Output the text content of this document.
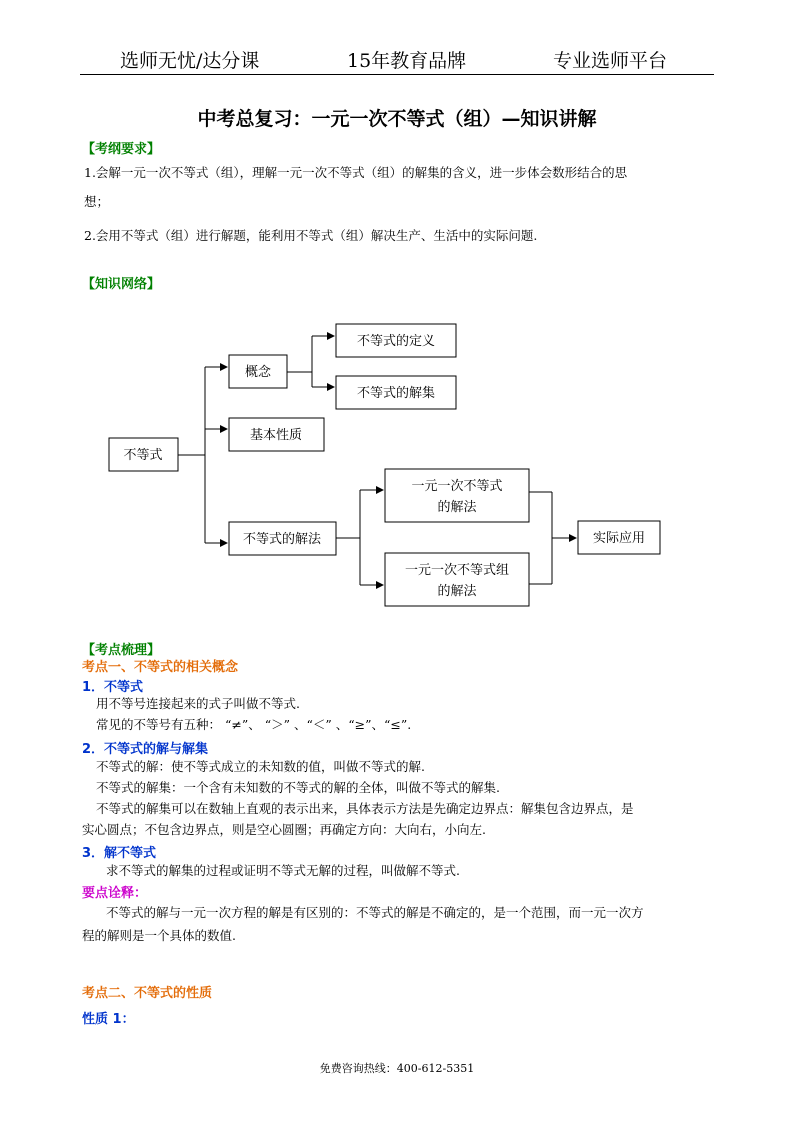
选师无忧/达分课	15年教育品牌	专业选师平台
中考总复习：一元一次不等式（组）—知识讲解
【考纲要求】
1.会解一元一次不等式（组），理解一元一次不等式（组）的解集的含义，进一步体会数形结合的思
想；
2.会用不等式（组）进行解题，能利用不等式（组）解决生产、生活中的实际问题.
【知识网络】
不等式
概念
不等式的定义
不等式的解集
基本性质
不等式的解法
一元一次不等式
的解法
一元一次不等式组
的解法
实际应用
【考点梳理】
考点一、不等式的相关概念
1．不等式
用不等号连接起来的式子叫做不等式.
常见的不等号有五种： “≠”、 “＞” 、“＜” 、“≥”、“≤”.
2．不等式的解与解集
不等式的解：使不等式成立的未知数的值，叫做不等式的解.
不等式的解集：一个含有未知数的不等式的解的全体，叫做不等式的解集.
不等式的解集可以在数轴上直观的表示出来，具体表示方法是先确定边界点：解集包含边界点，是
实心圆点；不包含边界点，则是空心圆圈；再确定方向：大向右，小向左.
3．解不等式
求不等式的解集的过程或证明不等式无解的过程，叫做解不等式.
要点诠释：
不等式的解与一元一次方程的解是有区别的：不等式的解是不确定的，是一个范围，而一元一次方
程的解则是一个具体的数值.
考点二、不等式的性质
性质 1：
免费咨询热线：400-612-5351
